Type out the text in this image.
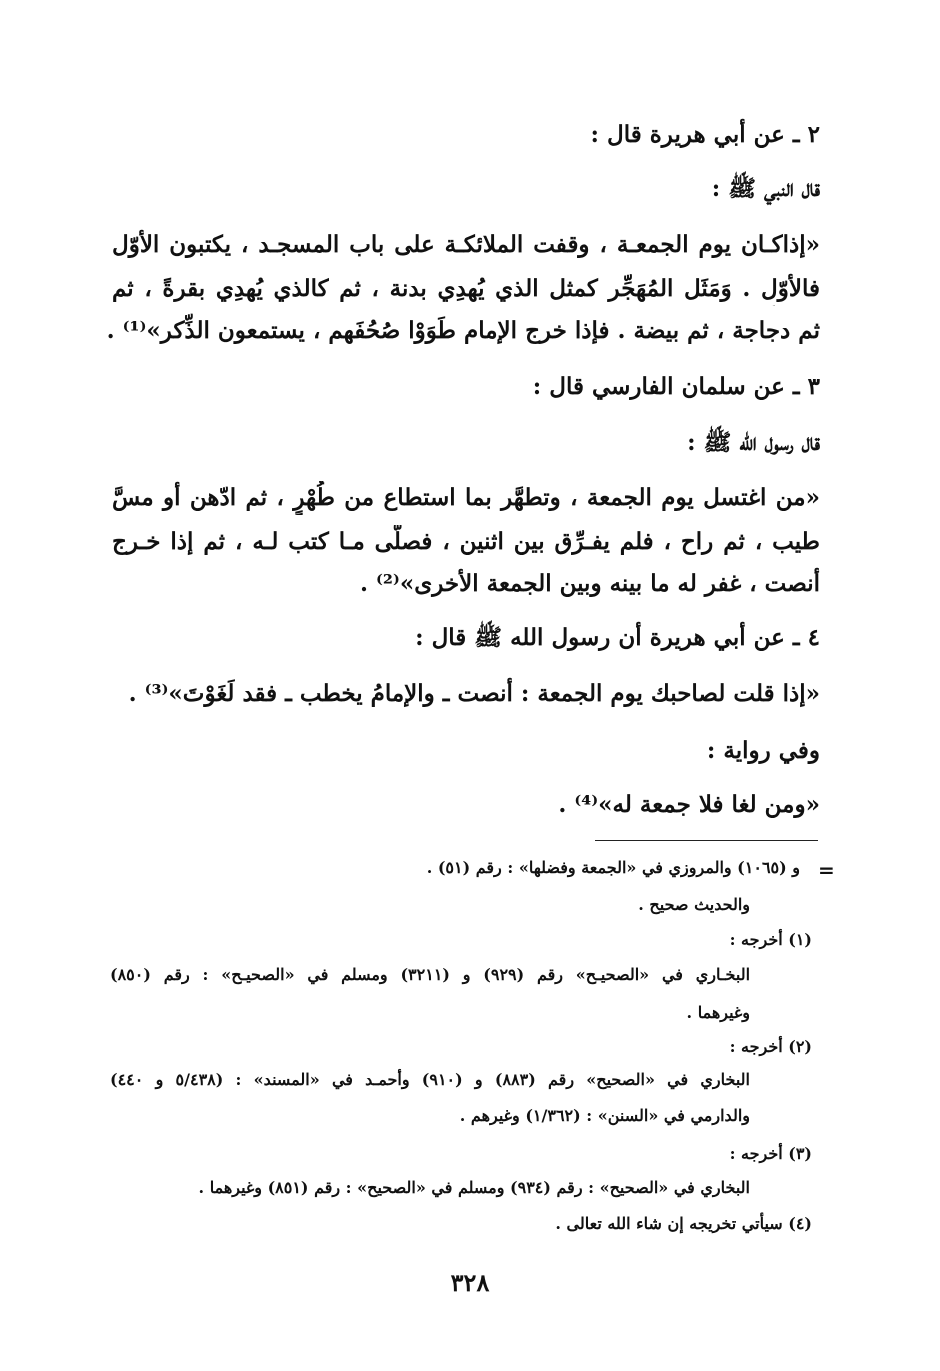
٢ ـ عن أبي هريرة قال :

قال النبي ﷺ :

«إذاكـان يوم الجمعـة ، وقفت الملائكـة على باب المسجـد ، يكتبون الأوّل

فالأوّل . وَمَثَل المُهَجِّر كمثل الذي يُهدِي بدنة ، ثم كالذي يُهدِي بقرةً ، ثم

ثم دجاجة ، ثم بيضة . فإذا خرج الإمام طَوَوْا صُحُفَهم ، يستمعون الذِّكر»⁽¹⁾ .

٣ ـ عن سلمان الفارسي قال :

قال رسول الله ﷺ :

«من اغتسل يوم الجمعة ، وتطهَّر بما استطاع من طُهْرٍ ، ثم ادّهن أو مسَّ

طيب ، ثم راح ، فلم يفـرِّق بين اثنين ، فصلّى مـا كتب لـه ، ثم إذا خـرج

أنصت ، غفر له ما بينه وبين الجمعة الأخرى»⁽²⁾ .

٤ ـ عن أبي هريرة أن رسول الله ﷺ قال :

«إذا قلت لصاحبك يوم الجمعة : أنصت ـ والإمامُ يخطب ـ فقد لَغَوْتَ»⁽³⁾ .

وفي رواية :

«ومن لغا فلا جمعة له»⁽⁴⁾ .

=

و (١٠٦٥) والمروزي في «الجمعة وفضلها» : رقم (٥١) .

والحديث صحيح .

(١) أخرجه :

البخـاري في «الصحيـح» رقم (٩٢٩) و (٣٢١١) ومسلم في «الصحيـح» : رقم (٨٥٠)

وغيرهما .

(٢) أخرجه :

البخاري في «الصحيح» رقم (٨٨٣) و (٩١٠) وأحمـد في «المسند» : (٥/٤٣٨ و ٤٤٠)

والدارمي في «السنن» : (١/٣٦٢) وغيرهم .

(٣) أخرجه :

البخاري في «الصحيح» : رقم (٩٣٤) ومسلم في «الصحيح» : رقم (٨٥١) وغيرهما .

(٤) سيأتي تخريجه إن شاء الله تعالى .

٣٢٨
